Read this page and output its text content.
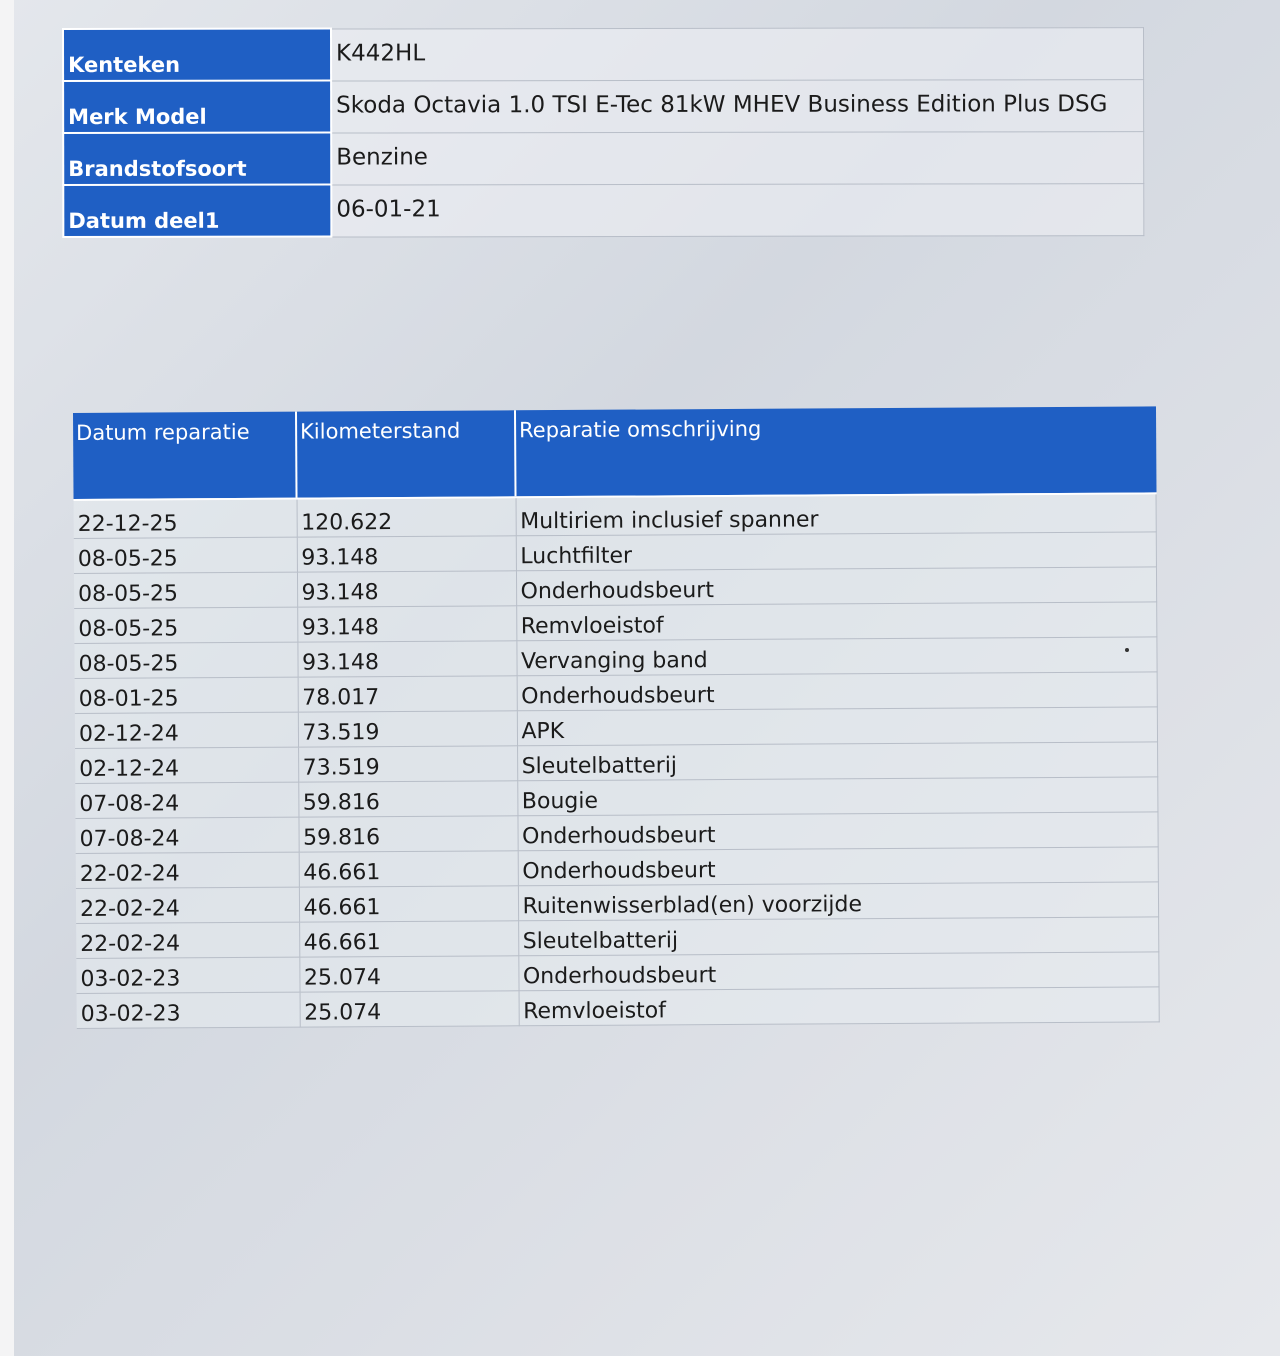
Kenteken	K442HL
Merk Model	Skoda Octavia 1.0 TSI E-Tec 81kW MHEV Business Edition Plus DSG
Brandstofsoort	Benzine
Datum deel1	06-01-21
Datum reparatie	Kilometerstand	Reparatie omschrijving

22-12-25	120.622	Multiriem inclusief spanner
08-05-25	93.148	Luchtfilter
08-05-25	93.148	Onderhoudsbeurt
08-05-25	93.148	Remvloeistof
08-05-25	93.148	Vervanging band
08-01-25	78.017	Onderhoudsbeurt
02-12-24	73.519	APK
02-12-24	73.519	Sleutelbatterij
07-08-24	59.816	Bougie
07-08-24	59.816	Onderhoudsbeurt
22-02-24	46.661	Onderhoudsbeurt
22-02-24	46.661	Ruitenwisserblad(en) voorzijde
22-02-24	46.661	Sleutelbatterij
03-02-23	25.074	Onderhoudsbeurt
03-02-23	25.074	Remvloeistof
